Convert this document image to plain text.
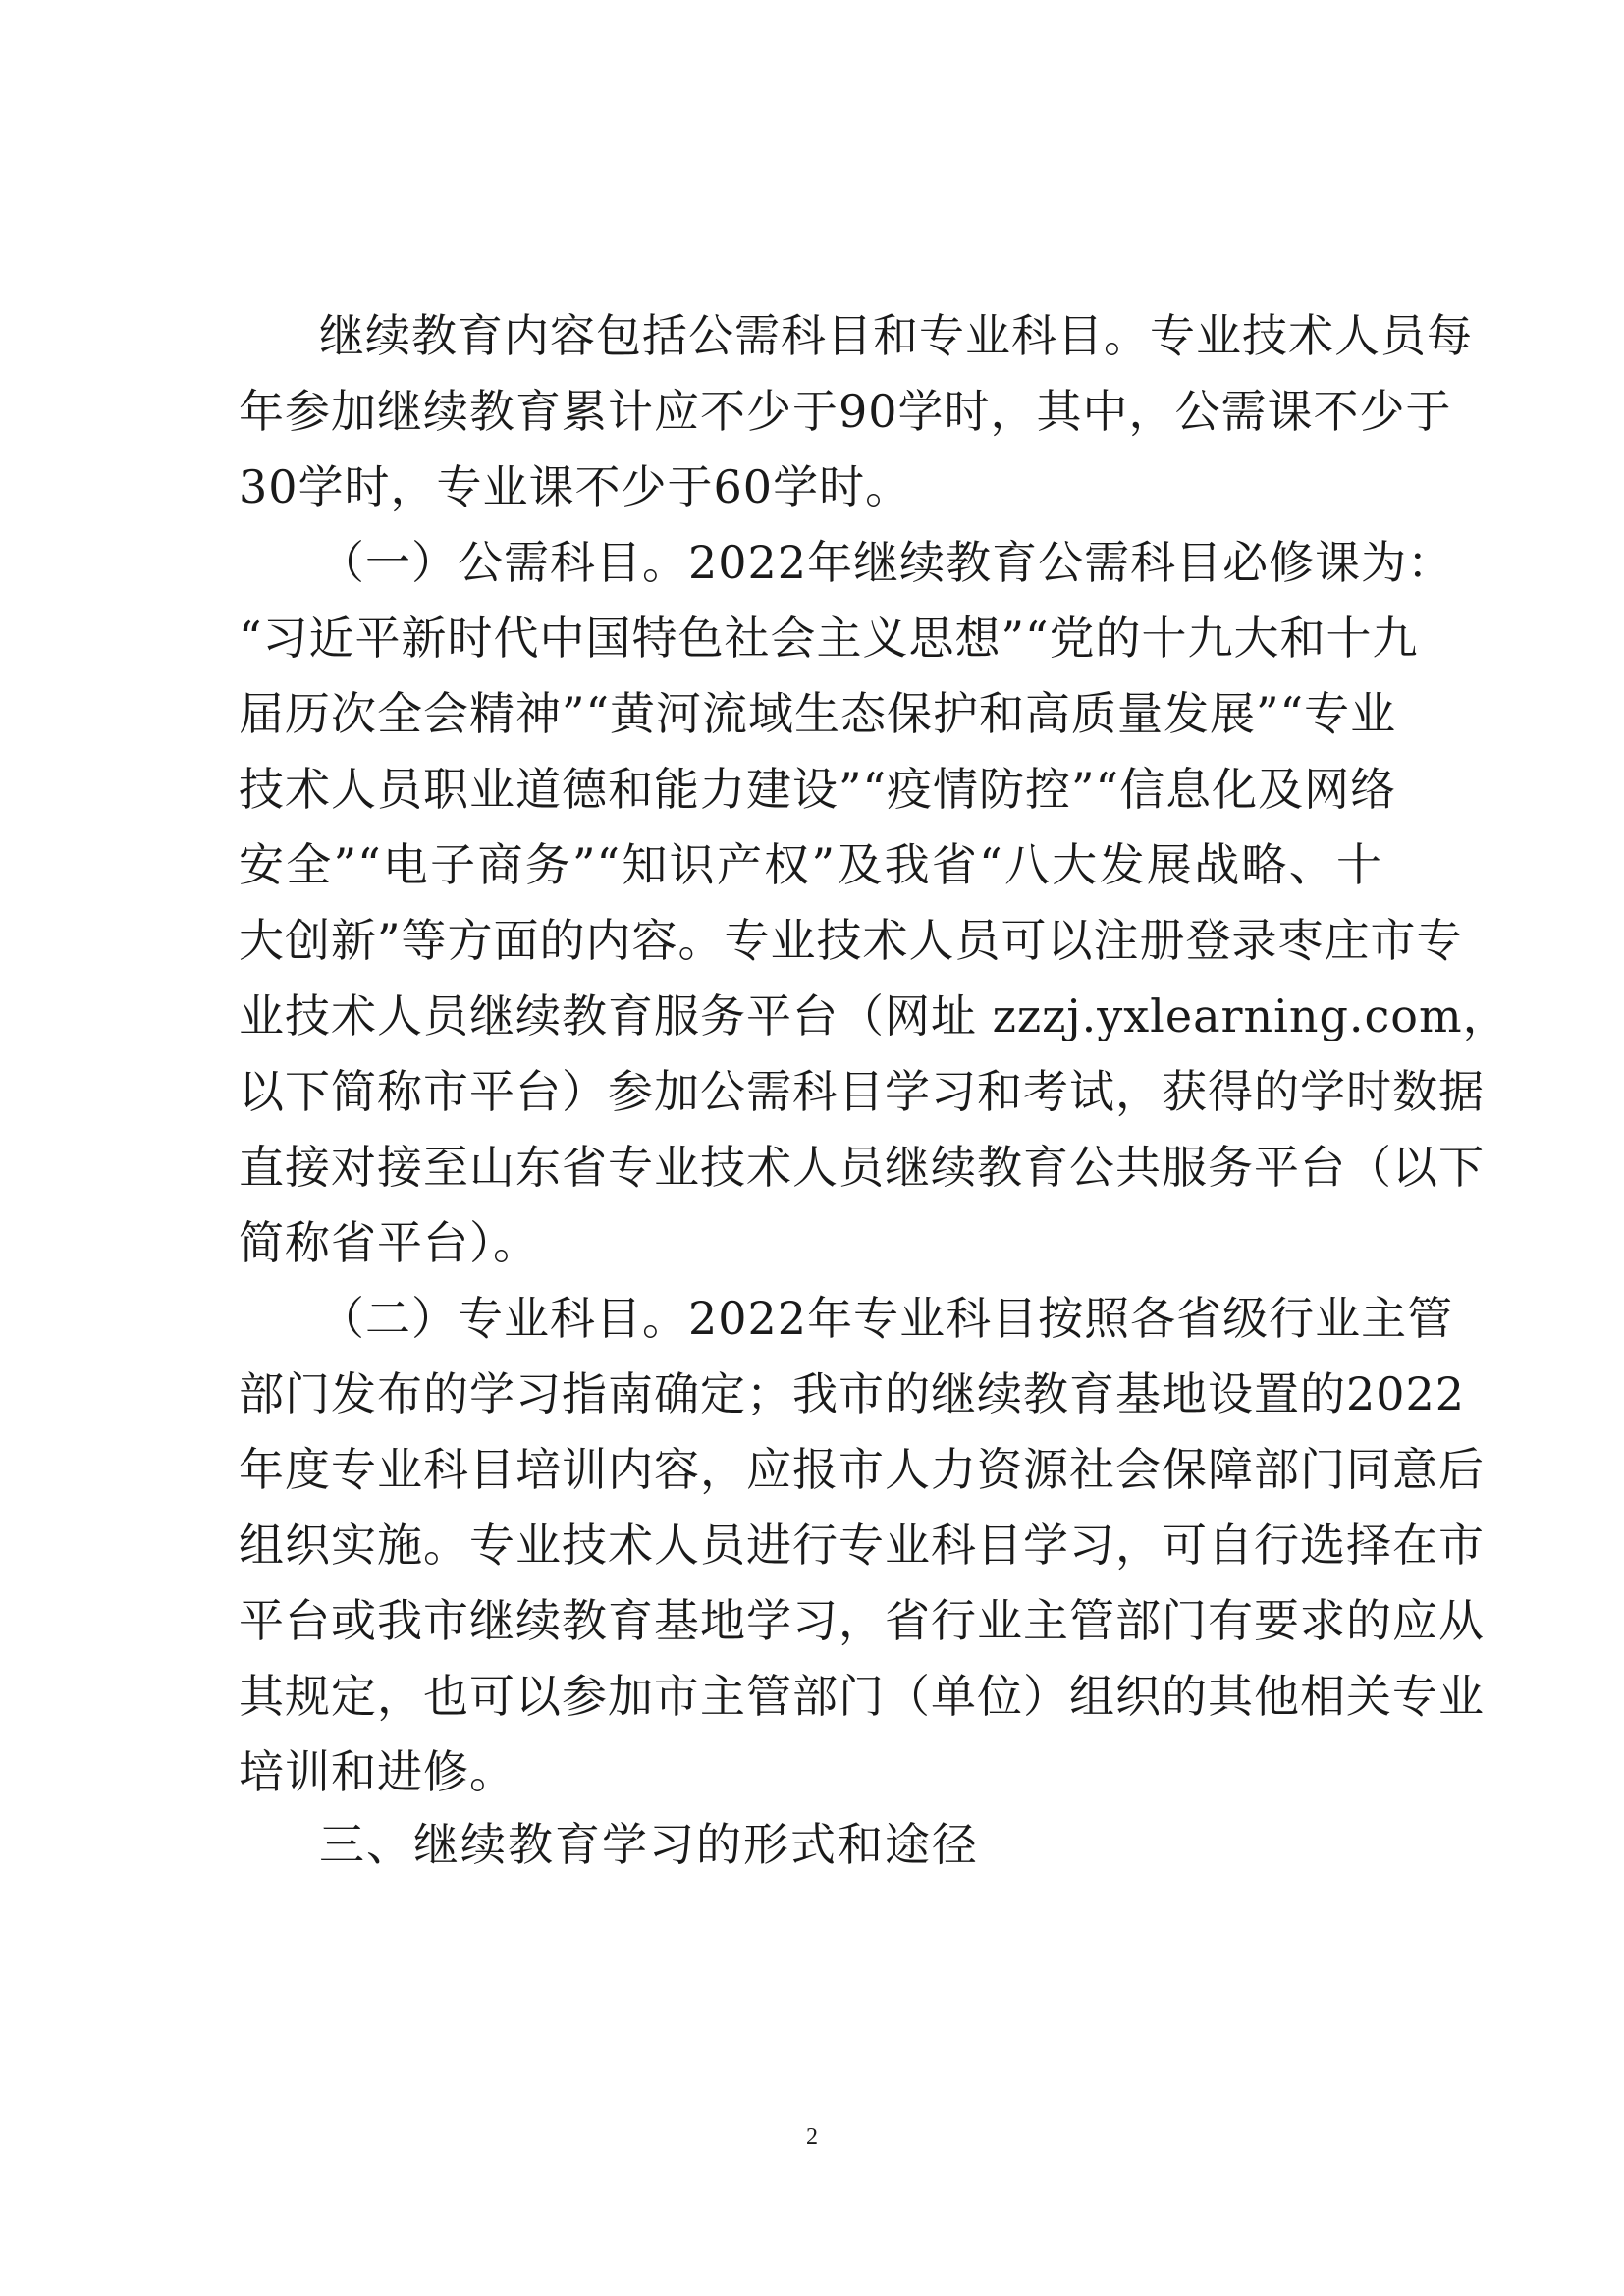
继续教育内容包括公需科目和专业科目。专业技术人员每
年参加继续教育累计应不少于90学时，其中，公需课不少于
30学时，专业课不少于60学时。
（一）公需科目。2022年继续教育公需科目必修课为：
“习近平新时代中国特色社会主义思想”“党的十九大和十九
届历次全会精神”“黄河流域生态保护和高质量发展”“专业
技术人员职业道德和能力建设”“疫情防控”“信息化及网络
安全”“电子商务”“知识产权”及我省“八大发展战略、十
大创新”等方面的内容。专业技术人员可以注册登录枣庄市专
业技术人员继续教育服务平台（网址 zzzj.yxlearning.com，
以下简称市平台）参加公需科目学习和考试，获得的学时数据
直接对接至山东省专业技术人员继续教育公共服务平台（以下
简称省平台）。
（二）专业科目。2022年专业科目按照各省级行业主管
部门发布的学习指南确定；我市的继续教育基地设置的2022
年度专业科目培训内容，应报市人力资源社会保障部门同意后
组织实施。专业技术人员进行专业科目学习，可自行选择在市
平台或我市继续教育基地学习，省行业主管部门有要求的应从
其规定，也可以参加市主管部门（单位）组织的其他相关专业
培训和进修。
三、继续教育学习的形式和途径
2
